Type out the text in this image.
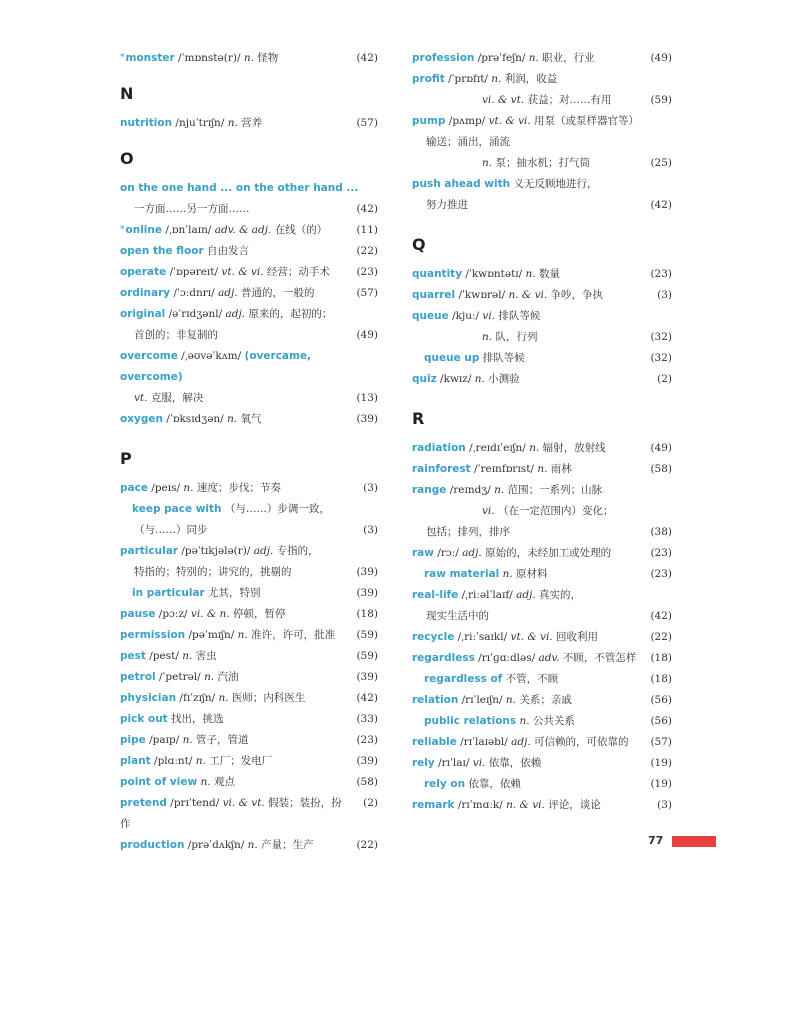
*monster /ˈmɒnstə(r)/ n. 怪物	(42)
N
nutrition /njuˈtrɪʃn/ n. 营养	(57)
O
on the one hand ... on the other hand ...
一方面……另一方面……	(42)
*online /ˌɒnˈlaɪn/ adv. & adj. 在线（的）	(11)
open the floor 自由发言	(22)
operate /ˈɒpəreɪt/ vt. & vi. 经营；动手术	(23)
ordinary /ˈɔːdnrɪ/ adj. 普通的，一般的	(57)
original /əˈrɪdʒənl/ adj. 原来的，起初的；
首创的；非复制的	(49)
overcome /ˌəʊvəˈkʌm/ (overcame, overcome)
vt. 克服，解决	(13)
oxygen /ˈɒksɪdʒən/ n. 氧气	(39)
P
pace /peɪs/ n. 速度；步伐；节奏	(3)
keep pace with （与……）步调一致，
（与……）同步	(3)
particular /pəˈtɪkjələ(r)/ adj. 专指的，
特指的；特别的；讲究的，挑剔的	(39)
in particular 尤其，特别	(39)
pause /pɔːz/ vi. & n. 停顿，暂停	(18)
permission /pəˈmɪʃn/ n. 准许，许可，批准	(59)
pest /pest/ n. 害虫	(59)
petrol /ˈpetrəl/ n. 汽油	(39)
physician /fɪˈzɪʃn/ n. 医师；内科医生	(42)
pick out 找出，挑选	(33)
pipe /paɪp/ n. 管子，管道	(23)
plant /plɑːnt/ n. 工厂；发电厂	(39)
point of view n. 观点	(58)
pretend /prɪˈtend/ vi. & vt. 假装；装扮，扮作
(2)
production /prəˈdʌkʃn/ n. 产量；生产	(22)
profession /prəˈfeʃn/ n. 职业，行业	(49)
profit /ˈprɒfɪt/ n. 利润，收益
vi. & vt. 获益；对……有用	(59)
pump /pʌmp/ vt. & vi. 用泵（或泵样器官等）
输送；涌出，涌流
n. 泵；抽水机；打气筒	(25)
push ahead with 义无反顾地进行，
努力推进	(42)
Q
quantity /ˈkwɒntətɪ/ n. 数量	(23)
quarrel /ˈkwɒrəl/ n. & vi. 争吵，争执	(3)
queue /kjuː/ vi. 排队等候
n. 队，行列	(32)
queue up 排队等候	(32)
quiz /kwɪz/ n. 小测验	(2)
R
radiation /ˌreɪdɪˈeɪʃn/ n. 辐射，放射线	(49)
rainforest /ˈreɪnfɒrɪst/ n. 雨林	(58)
range /reɪndʒ/ n. 范围；一系列；山脉
vi. （在一定范围内）变化；
包括；排列，排序	(38)
raw /rɔː/ adj. 原始的，未经加工或处理的	(23)
raw material n. 原材料	(23)
real-life /ˌriːəlˈlaɪf/ adj. 真实的，
现实生活中的	(42)
recycle /ˌriːˈsaɪkl/ vt. & vi. 回收利用	(22)
regardless /rɪˈɡɑːdləs/ adv. 不顾，不管怎样	(18)
regardless of 不管，不顾	(18)
relation /rɪˈleɪʃn/ n. 关系；亲戚	(56)
public relations n. 公共关系	(56)
reliable /rɪˈlaɪəbl/ adj. 可信赖的，可依靠的	(57)
rely /rɪˈlaɪ/ vi. 依靠，依赖	(19)
rely on 依靠，依赖	(19)
remark /rɪˈmɑːk/ n. & vi. 评论，谈论	(3)
77
